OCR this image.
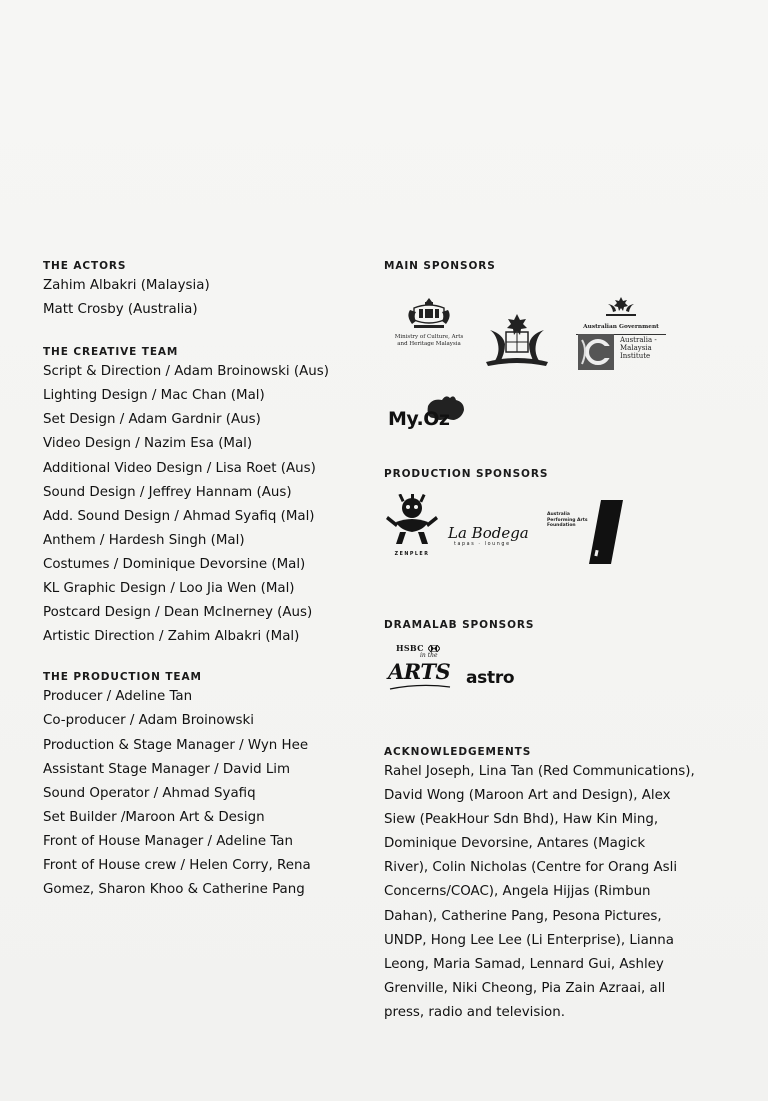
THE ACTORS
Zahim Albakri (Malaysia)
Matt Crosby (Australia)
THE CREATIVE TEAM
Script & Direction / Adam Broinowski (Aus)
Lighting Design / Mac Chan (Mal)
Set Design / Adam Gardnir (Aus)
Video Design / Nazim Esa (Mal)
Additional Video Design / Lisa Roet (Aus)
Sound Design / Jeffrey Hannam (Aus)
Add. Sound Design / Ahmad Syafiq (Mal)
Anthem / Hardesh Singh (Mal)
Costumes / Dominique Devorsine (Mal)
KL Graphic Design / Loo Jia Wen (Mal)
Postcard Design / Dean McInerney (Aus)
Artistic Direction / Zahim Albakri (Mal)
THE PRODUCTION TEAM
Producer / Adeline Tan
Co-producer / Adam Broinowski
Production & Stage Manager / Wyn Hee
Assistant Stage Manager / David Lim
Sound Operator / Ahmad Syafiq
Set Builder /Maroon Art & Design
Front of House Manager / Adeline Tan
Front of House crew / Helen Corry, Rena
Gomez, Sharon Khoo & Catherine Pang
MAIN SPONSORS
Ministry of Culture, Arts and Heritage Malaysia
Australian Government
Australia - Malaysia Institute
My.Oz
PRODUCTION SPONSORS
ZENPLER
La Bodega
tapas · lounge
Australia Performing Arts Foundation
DRAMALAB SPONSORS
HSBC
in the
ARTS astro
ACKNOWLEDGEMENTS
Rahel Joseph, Lina Tan (Red Communications),
David Wong (Maroon Art and Design), Alex
Siew (PeakHour Sdn Bhd), Haw Kin Ming,
Dominique Devorsine, Antares (Magick
River), Colin Nicholas (Centre for Orang Asli
Concerns/COAC), Angela Hijjas (Rimbun
Dahan), Catherine Pang, Pesona Pictures,
UNDP, Hong Lee Lee (Li Enterprise), Lianna
Leong, Maria Samad, Lennard Gui, Ashley
Grenville, Niki Cheong, Pia Zain Azraai, all
press, radio and television.
